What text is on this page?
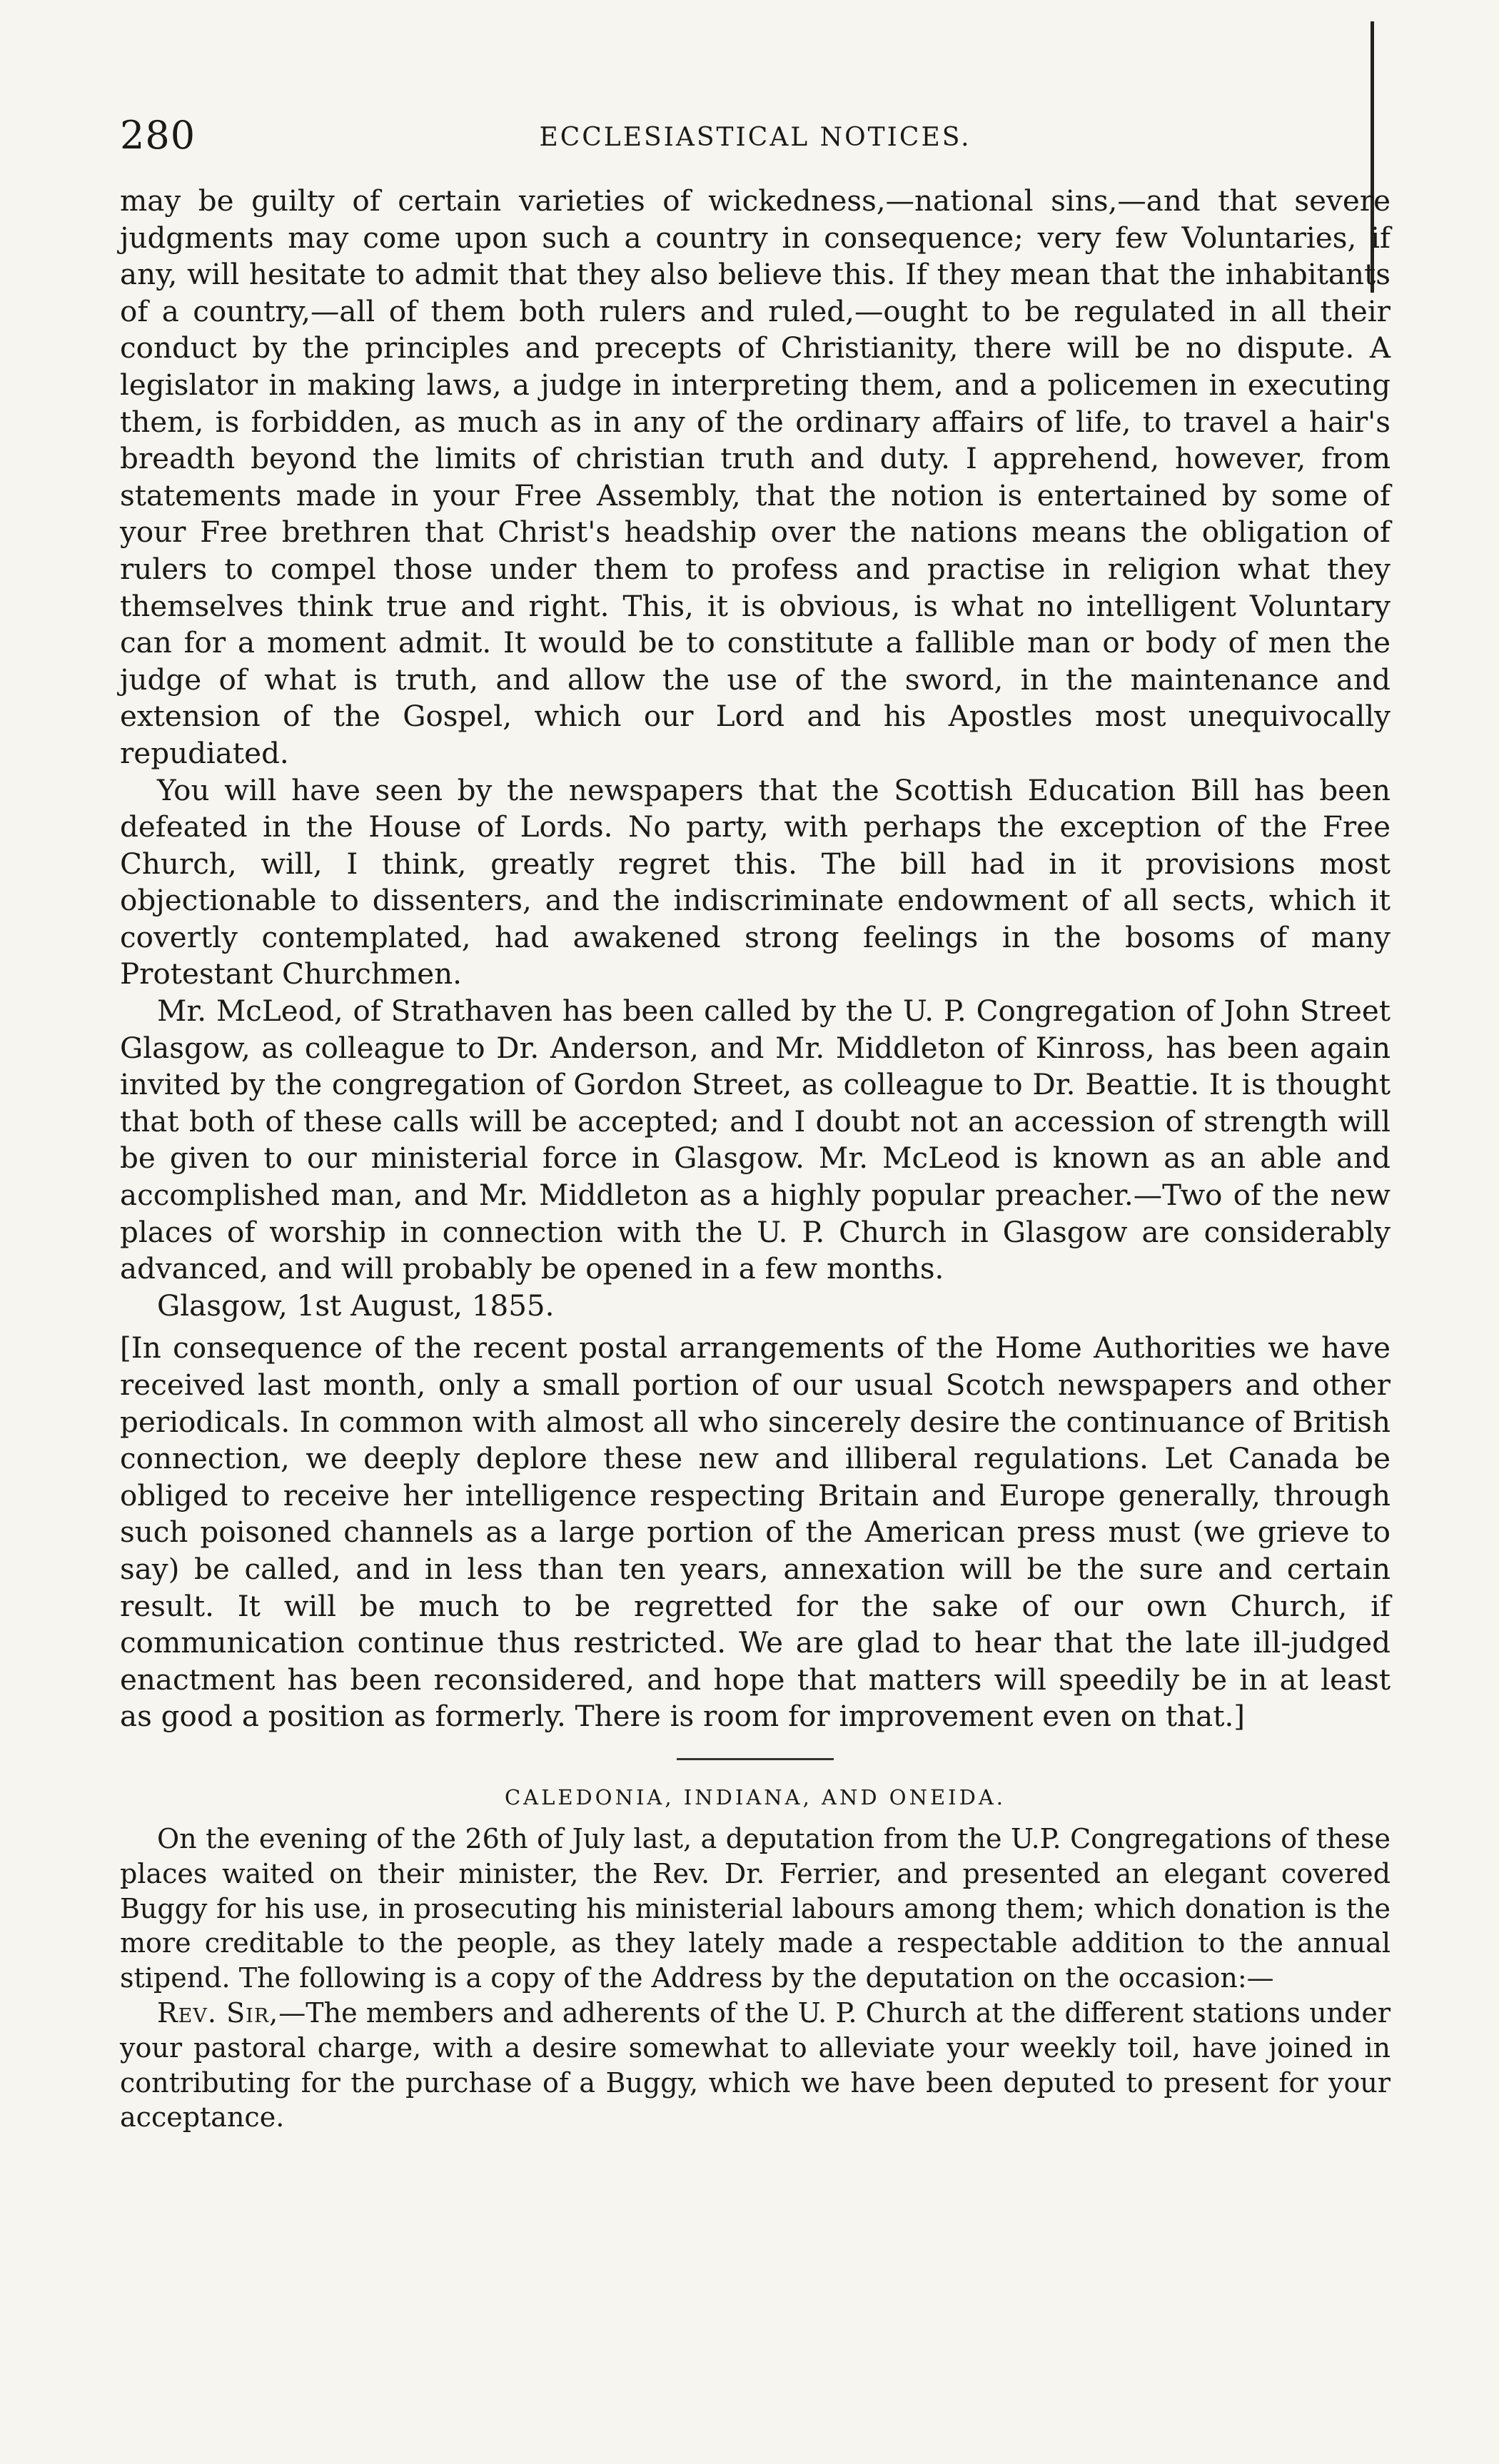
280	ECCLESIASTICAL NOTICES.

may be guilty of certain varieties of wickedness,—national sins,—and that severe judgments may come upon such a country in consequence; very few Voluntaries, if any, will hesitate to admit that they also believe this. If they mean that the inhabitants of a country,—all of them both rulers and ruled,—ought to be regulated in all their conduct by the principles and precepts of Christianity, there will be no dispute. A legislator in making laws, a judge in interpreting them, and a policemen in executing them, is forbidden, as much as in any of the ordinary affairs of life, to travel a hair's breadth beyond the limits of christian truth and duty. I apprehend, however, from statements made in your Free Assembly, that the notion is entertained by some of your Free brethren that Christ's headship over the nations means the obligation of rulers to compel those under them to profess and practise in religion what they themselves think true and right. This, it is obvious, is what no intelligent Voluntary can for a moment admit. It would be to constitute a fallible man or body of men the judge of what is truth, and allow the use of the sword, in the maintenance and extension of the Gospel, which our Lord and his Apostles most unequivocally repudiated.

You will have seen by the newspapers that the Scottish Education Bill has been defeated in the House of Lords. No party, with perhaps the exception of the Free Church, will, I think, greatly regret this. The bill had in it provisions most objectionable to dissenters, and the indiscriminate endowment of all sects, which it covertly contemplated, had awakened strong feelings in the bosoms of many Protestant Churchmen.

Mr. McLeod, of Strathaven has been called by the U. P. Congregation of John Street Glasgow, as colleague to Dr. Anderson, and Mr. Middleton of Kinross, has been again invited by the congregation of Gordon Street, as colleague to Dr. Beattie. It is thought that both of these calls will be accepted; and I doubt not an accession of strength will be given to our ministerial force in Glasgow. Mr. McLeod is known as an able and accomplished man, and Mr. Middleton as a highly popular preacher.—Two of the new places of worship in connection with the U. P. Church in Glasgow are considerably advanced, and will probably be opened in a few months.

Glasgow, 1st August, 1855.

[In consequence of the recent postal arrangements of the Home Authorities we have received last month, only a small portion of our usual Scotch newspapers and other periodicals. In common with almost all who sincerely desire the continuance of British connection, we deeply deplore these new and illiberal regulations. Let Canada be obliged to receive her intelligence respecting Britain and Europe generally, through such poisoned channels as a large portion of the American press must (we grieve to say) be called, and in less than ten years, annexation will be the sure and certain result. It will be much to be regretted for the sake of our own Church, if communication continue thus restricted. We are glad to hear that the late ill-judged enactment has been reconsidered, and hope that matters will speedily be in at least as good a position as formerly. There is room for improvement even on that.]

CALEDONIA, INDIANA, AND ONEIDA.

On the evening of the 26th of July last, a deputation from the U.P. Congregations of these places waited on their minister, the Rev. Dr. Ferrier, and presented an elegant covered Buggy for his use, in prosecuting his ministerial labours among them; which donation is the more creditable to the people, as they lately made a respectable addition to the annual stipend. The following is a copy of the Address by the deputation on the occasion:—

Rev. Sir,—The members and adherents of the U. P. Church at the different stations under your pastoral charge, with a desire somewhat to alleviate your weekly toil, have joined in contributing for the purchase of a Buggy, which we have been deputed to present for your acceptance.
